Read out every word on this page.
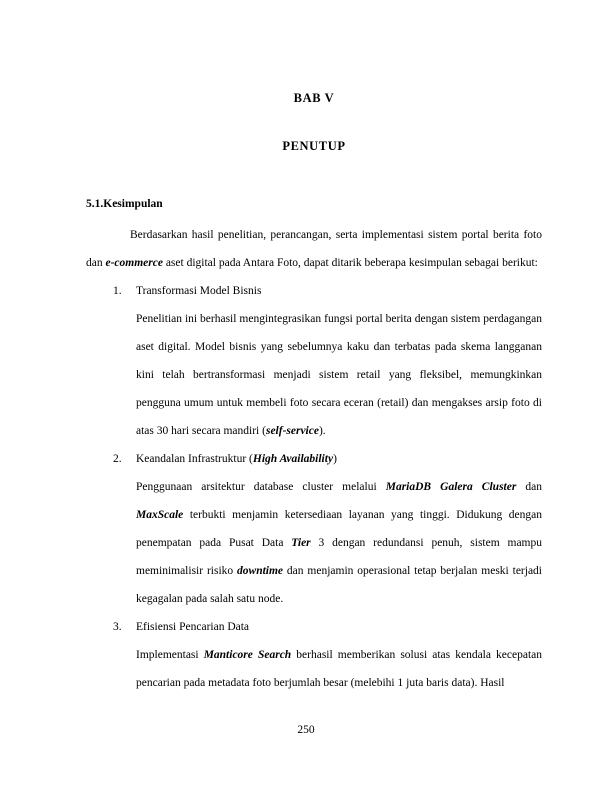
BAB V
PENUTUP
5.1.Kesimpulan

Berdasarkan hasil penelitian, perancangan, serta implementasi sistem portal berita foto dan e-commerce aset digital pada Antara Foto, dapat ditarik beberapa kesimpulan sebagai berikut:

1. Transformasi Model Bisnis

Penelitian ini berhasil mengintegrasikan fungsi portal berita dengan sistem perdagangan aset digital. Model bisnis yang sebelumnya kaku dan terbatas pada skema langganan kini telah bertransformasi menjadi sistem retail yang fleksibel, memungkinkan pengguna umum untuk membeli foto secara eceran (retail) dan mengakses arsip foto di atas 30 hari secara mandiri (self-service).

2. Keandalan Infrastruktur (High Availability)

Penggunaan arsitektur database cluster melalui MariaDB Galera Cluster dan MaxScale terbukti menjamin ketersediaan layanan yang tinggi. Didukung dengan penempatan pada Pusat Data Tier 3 dengan redundansi penuh, sistem mampu meminimalisir risiko downtime dan menjamin operasional tetap berjalan meski terjadi kegagalan pada salah satu node.

3. Efisiensi Pencarian Data

Implementasi Manticore Search berhasil memberikan solusi atas kendala kecepatan pencarian pada metadata foto berjumlah besar (melebihi 1 juta baris data). Hasil

250
